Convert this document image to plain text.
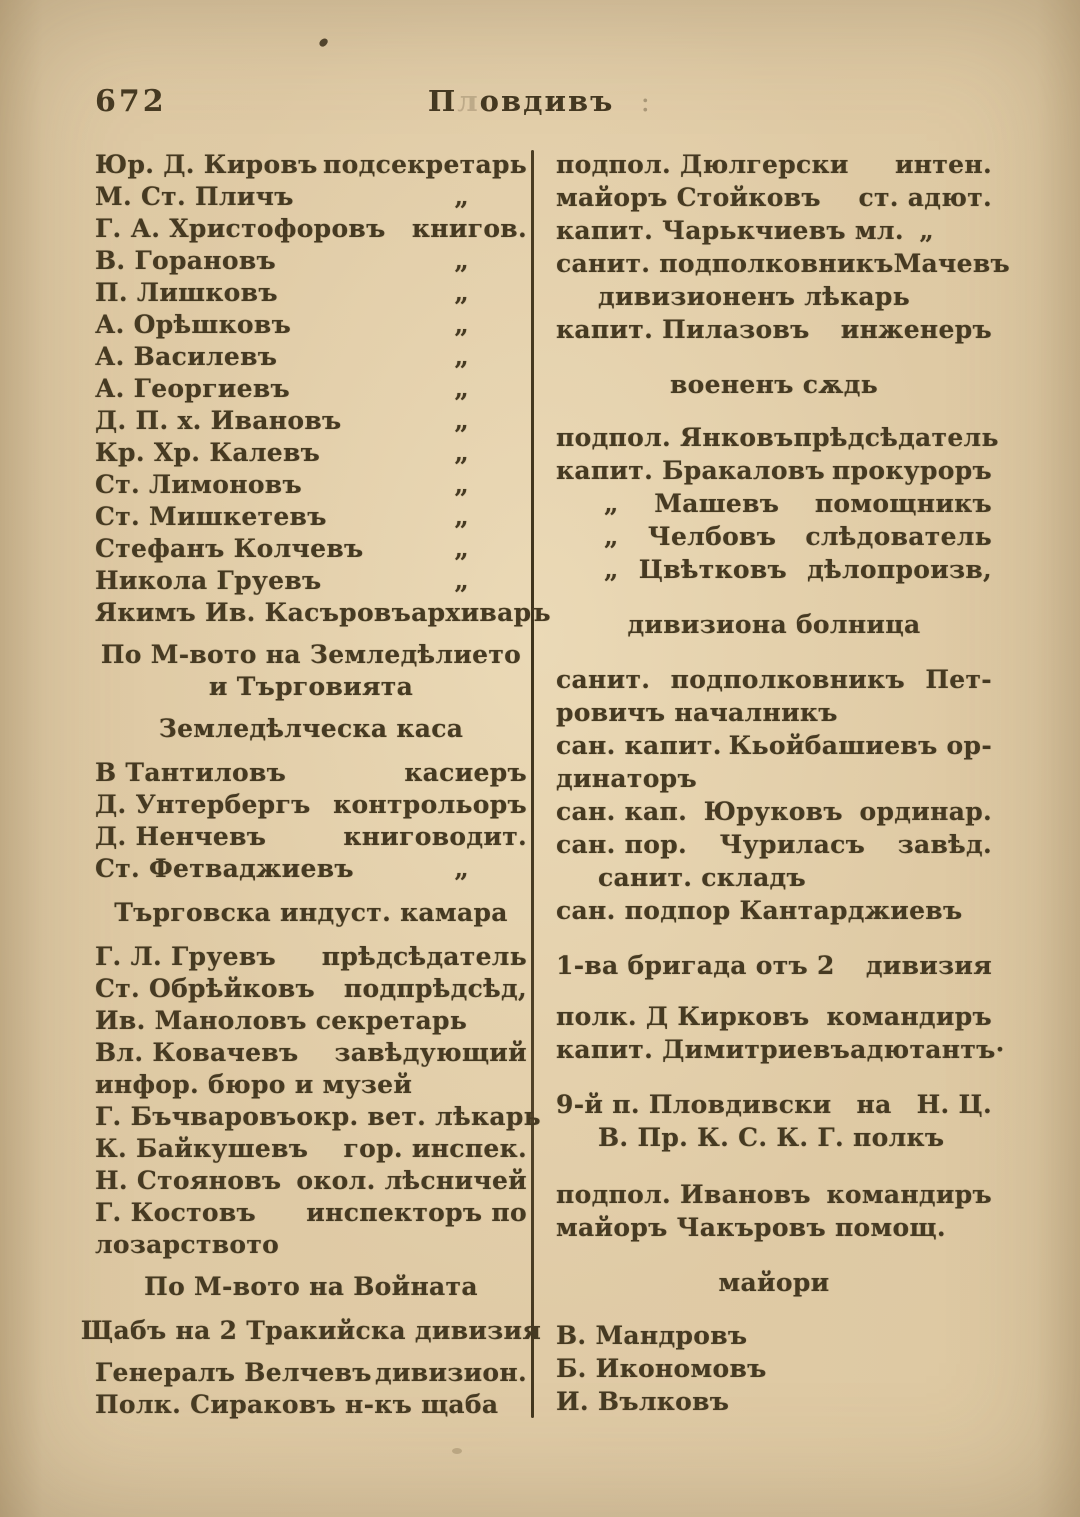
672	Пловдивъ :
Юр. Д. Кировъ подсекретарь
М. Ст. Пличъ	„
Г. А. Христофоровъ книгов.
В. Горановъ	„
П. Лишковъ	„
А. Орѣшковъ	„
А. Василевъ	„
А. Георгиевъ	„
Д. П. х. Ивановъ	„
Кр. Хр. Калевъ	„
Ст. Лимоновъ	„
Ст. Мишкетевъ	„
Стефанъ Колчевъ	„
Никола Груевъ	„
Якимъ Ив. Касъровъ архиваръ
По М-вото на Земледѣлието
и Търговията
Земледѣлческа каса
В Тантиловъ	касиеръ
Д. Унтербергъ контрольоръ
Д. Ненчевъ	книговодит.
Ст. Фетваджиевъ	„
Търговска индуст. камара
Г. Л. Груевъ прѣдсѣдатель
Ст. Обрѣйковъ подпрѣдсѣд,
Ив. Маноловъ секретарь
Вл. Ковачевъ завѣдующий
инфор. бюро и музей
Г. Бъчваровъ окр. вет. лѣкарь
К. Байкушевъ гор. инспек.
Н. Стояновъ окол. лѣсничей
Г. Костовъ инспекторъ по
лозарството
По М-вото на Войната
Щабъ на 2 Тракийска дивизия
Генералъ Велчевъ дивизион.
Полк. Сираковъ н-къ щаба
подпол. Дюлгерски интен.
майоръ Стойковъ ст. адют.
капит. Чарькчиевъ мл. „
санит. подполковникъ Мачевъ
дивизионенъ лѣкарь
капит. Пилазовъ инженеръ
воененъ сѫдь
подпол. Янковъ прѣдсѣдатель
капит. Бракаловъ прокуроръ
„ Машевъ помощникъ
„ Челбовъ слѣдователь
„ Цвѣтковъ дѣлопроизв,
дивизиона болница
санит. подполковникъ Пет-
ровичъ началникъ
сан. капит. Кьойбашиевъ ор-
динаторъ
сан. кап. Юруковъ ординар.
сан. пор. Чуриласъ завѣд.
санит. складъ
сан. подпор Кантарджиевъ
1-ва бригада отъ 2 дивизия
полк. Д Кирковъ командиръ
капит. Димитриевъ адютантъ·
9-й п. Пловдивски на Н. Ц.
В. Пр. К. С. К. Г. полкъ
подпол. Ивановъ командиръ
майоръ Чакъровъ помощ.
майори
В. Мандровъ
Б. Икономовъ
И. Вълковъ
